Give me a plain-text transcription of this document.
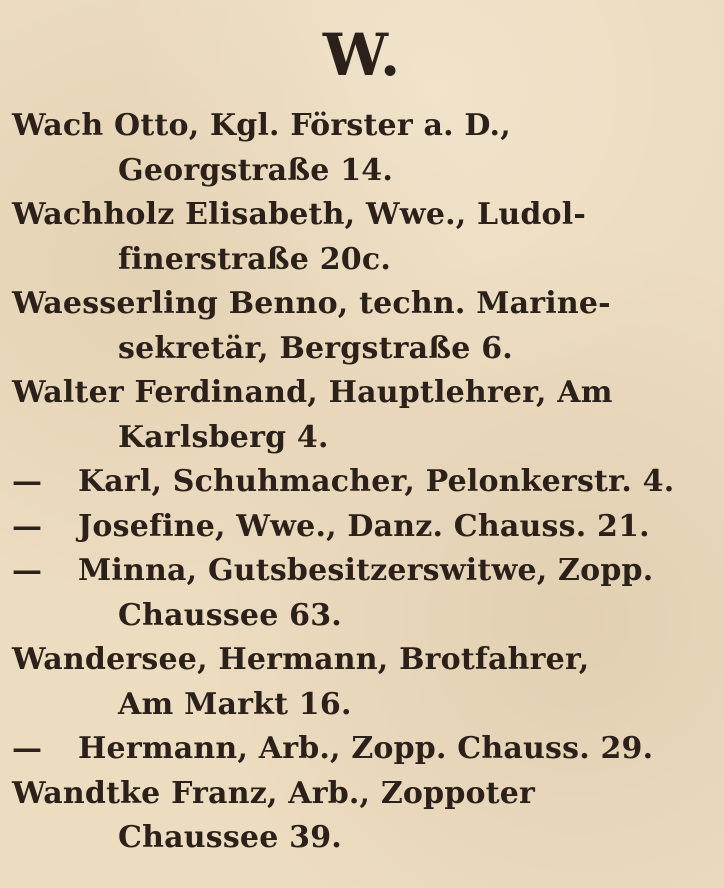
W.
Wach Otto, Kgl. Förster a. D.,
Georgstraße 14.
Wachholz Elisabeth, Wwe., Ludol-
finerstraße 20c.
Waesserling Benno, techn. Marine-
sekretär, Bergstraße 6.
Walter Ferdinand, Hauptlehrer, Am
Karlsberg 4.
— Karl, Schuhmacher, Pelonkerstr. 4.
— Josefine, Wwe., Danz. Chauss. 21.
— Minna, Gutsbesitzerswitwe, Zopp.
Chaussee 63.
Wandersee, Hermann, Brotfahrer,
Am Markt 16.
— Hermann, Arb., Zopp. Chauss. 29.
Wandtke Franz, Arb., Zoppoter
Chaussee 39.
